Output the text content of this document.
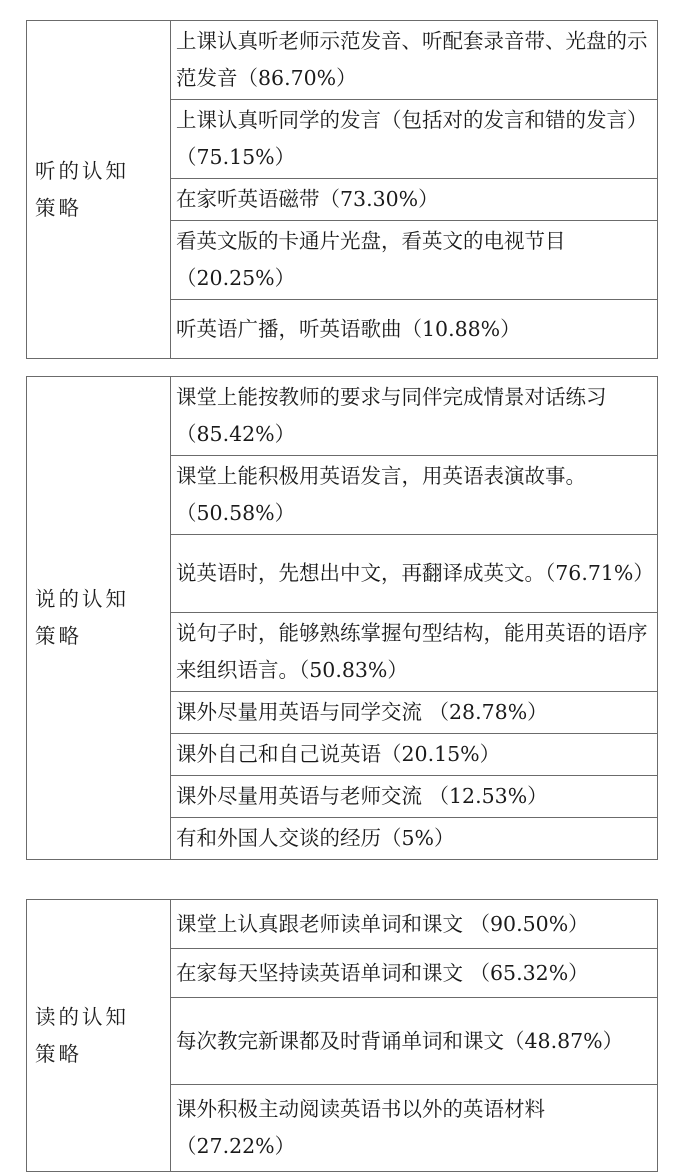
听的认知
策略
	上课认真听老师示范发音、听配套录音带、光盘的示范发音（86.70%）
上课认真听同学的发言（包括对的发言和错的发言）（75.15%）
在家听英语磁带（73.30%）
看英文版的卡通片光盘，看英文的电视节目（20.25%）
听英语广播，听英语歌曲（10.88%）
说的认知
策略
	课堂上能按教师的要求与同伴完成情景对话练习（85.42%）
课堂上能积极用英语发言，用英语表演故事。（50.58%）
说英语时，先想出中文，再翻译成英文。（76.71%）
说句子时，能够熟练掌握句型结构，能用英语的语序来组织语言。（50.83%）
课外尽量用英语与同学交流 （28.78%）
课外自己和自己说英语（20.15%）
课外尽量用英语与老师交流 （12.53%）
有和外国人交谈的经历（5%）
读的认知
策略
	课堂上认真跟老师读单词和课文 （90.50%）
在家每天坚持读英语单词和课文 （65.32%）
每次教完新课都及时背诵单词和课文（48.87%）
课外积极主动阅读英语书以外的英语材料（27.22%）
